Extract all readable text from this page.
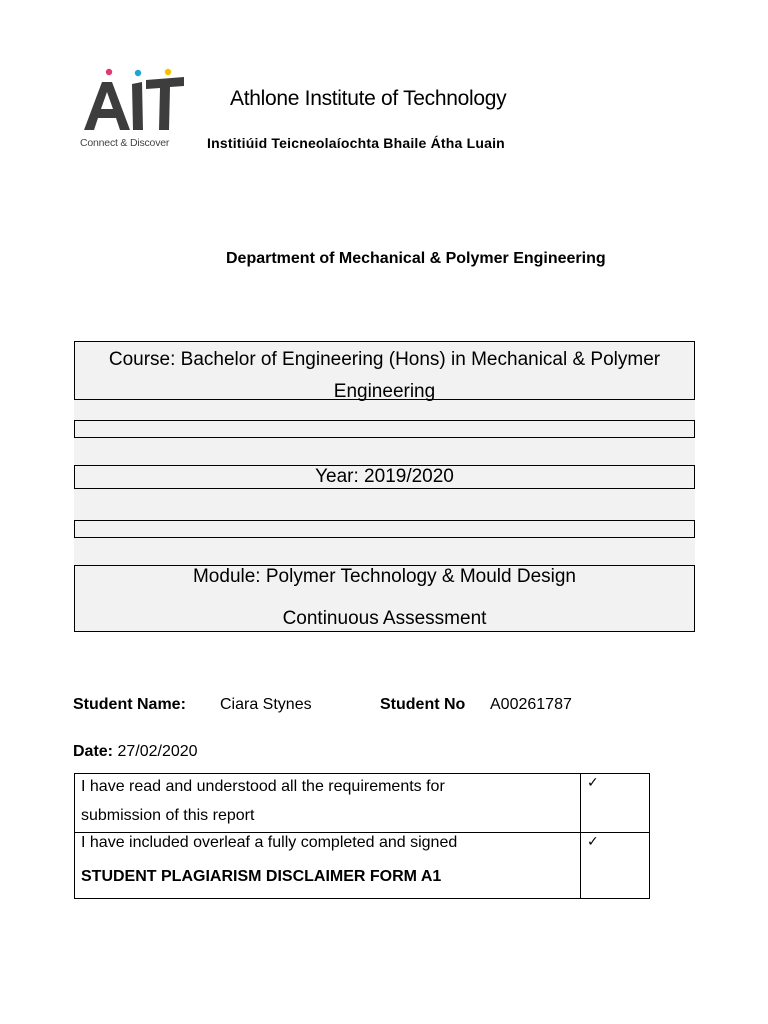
Connect & Discover
Athlone Institute of Technology
Institiúid Teicneolaíochta Bhaile Átha Luain
Department of Mechanical & Polymer Engineering
Course: Bachelor of Engineering (Hons) in Mechanical & Polymer
Engineering
Year: 2019/2020
Module: Polymer Technology & Mould Design
Continuous Assessment
Student Name: Ciara Stynes	Student No A00261787
Date: 27/02/2020
I have read and understood all the requirements for
submission of this report	✓

I have included overleaf a fully completed and signed
STUDENT PLAGIARISM DISCLAIMER FORM A1	✓
